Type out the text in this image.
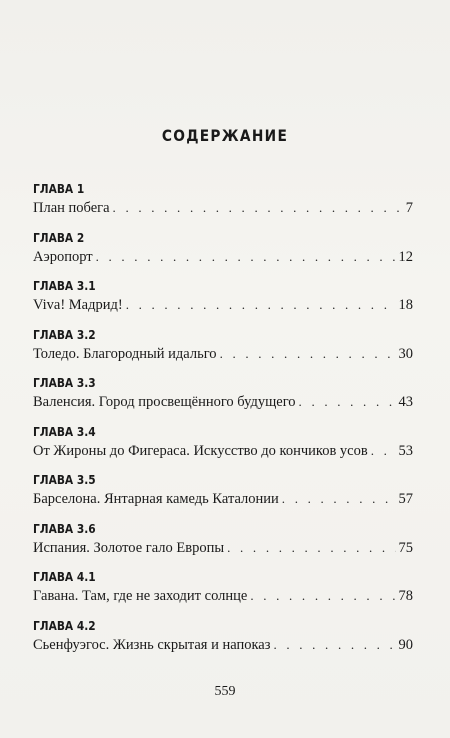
СОДЕРЖАНИЕ
ГЛАВА 1
План побега . . .	7
ГЛАВА 2
Аэропорт . . .	12
ГЛАВА 3.1
Viva! Мадрид! . . .	18
ГЛАВА 3.2
Толедо. Благородный идальго . . .	30
ГЛАВА 3.3
Валенсия. Город просвещённого будущего . . .	43
ГЛАВА 3.4
От Жироны до Фигераса. Искусство до кончиков усов . . . 53
ГЛАВА 3.5
Барселона. Янтарная камедь Каталонии . . .	57
ГЛАВА 3.6
Испания. Золотое гало Европы . . .	75
ГЛАВА 4.1
Гавана. Там, где не заходит солнце . . .	78
ГЛАВА 4.2
Сьенфуэгос. Жизнь скрытая и напоказ . . .	90
559
